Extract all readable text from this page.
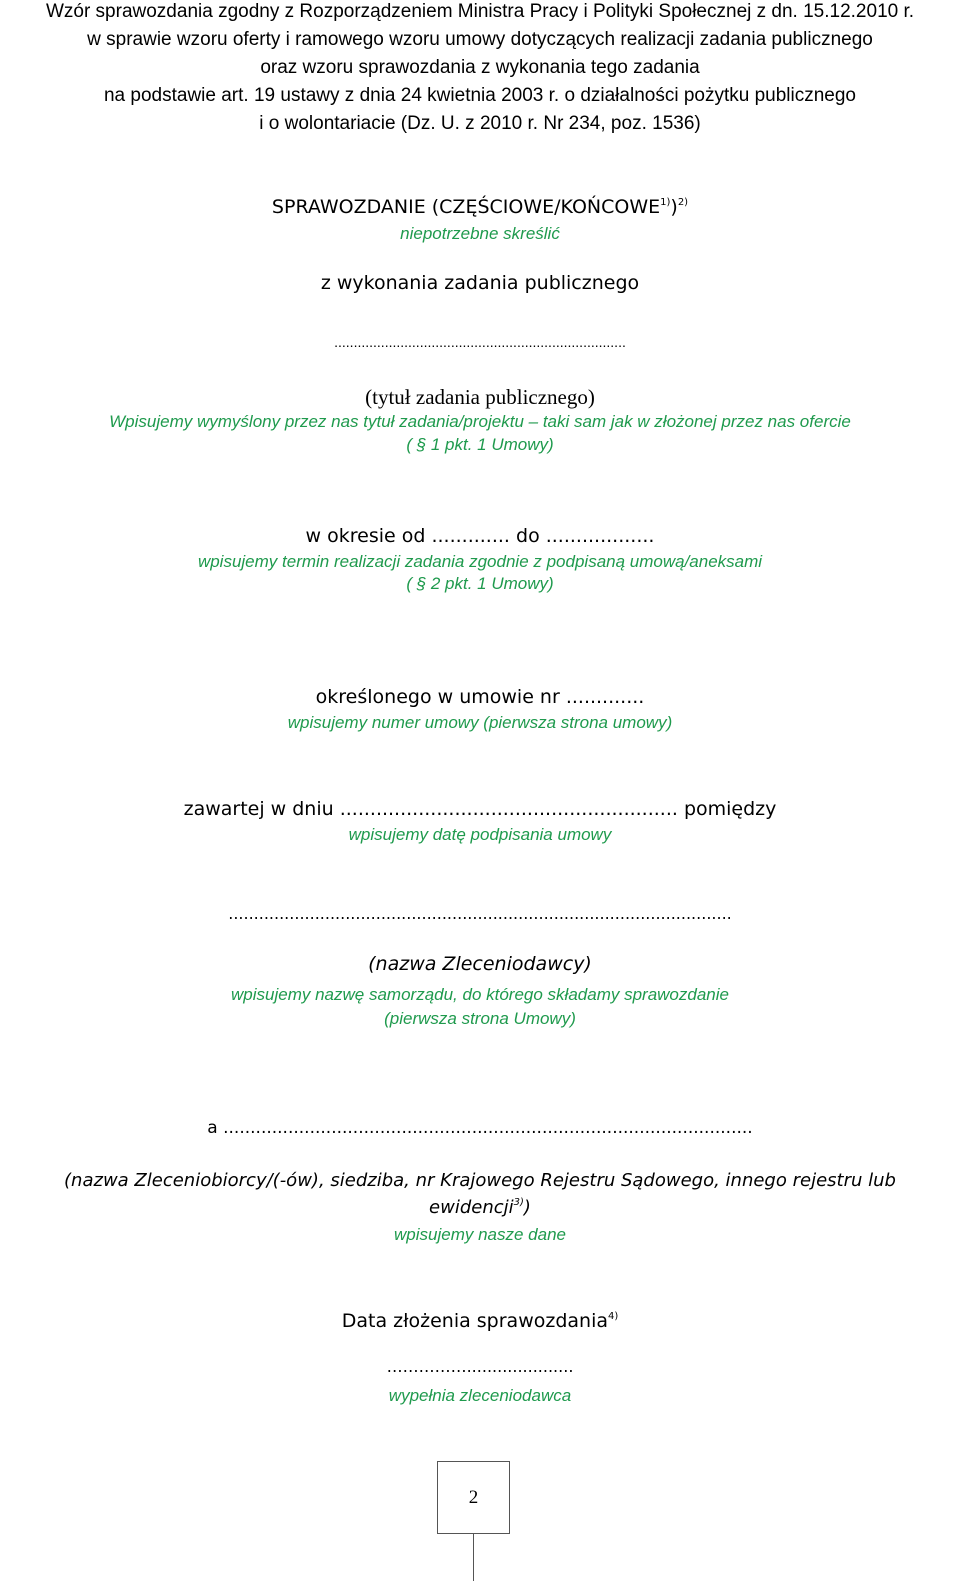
Wzór sprawozdania zgodny z Rozporządzeniem Ministra Pracy i Polityki Społecznej z dn. 15.12.2010 r.
w sprawie wzoru oferty i ramowego wzoru umowy dotyczących realizacji zadania publicznego
oraz wzoru sprawozdania z wykonania tego zadania
na podstawie art. 19 ustawy z dnia 24 kwietnia 2003 r. o działalności pożytku publicznego
i o wolontariacie (Dz. U. z 2010 r. Nr 234, poz. 1536)
SPRAWOZDANIE (CZĘŚCIOWE/KOŃCOWE$^{1)}$)$^{2)}$
niepotrzebne skreślić
z wykonania zadania publicznego
...........................................................................
(tytuł zadania publicznego)
Wpisujemy wymyślony przez nas tytuł zadania/projektu – taki sam jak w złożonej przez nas ofercie
( § 1 pkt. 1 Umowy)
w okresie od ............. do ..................
wpisujemy termin realizacji zadania zgodnie z podpisaną umową/aneksami
( § 2 pkt. 1 Umowy)
określonego w umowie nr .............
wpisujemy numer umowy (pierwsza strona umowy)
zawartej w dniu ........................................................ pomiędzy
wpisujemy datę podpisania umowy
...................................................................................................
(nazwa Zleceniodawcy)
wpisujemy nazwę samorządu, do którego składamy sprawozdanie
(pierwsza strona Umowy)
a ..................................................................................................
(nazwa Zleceniobiorcy/(-ów), siedziba, nr Krajowego Rejestru Sądowego, innego rejestru lub
ewidencji$^{3)}$)
wpisujemy nasze dane
Data złożenia sprawozdania$^{4)}$
…………….....................
wypełnia zleceniodawca
2
